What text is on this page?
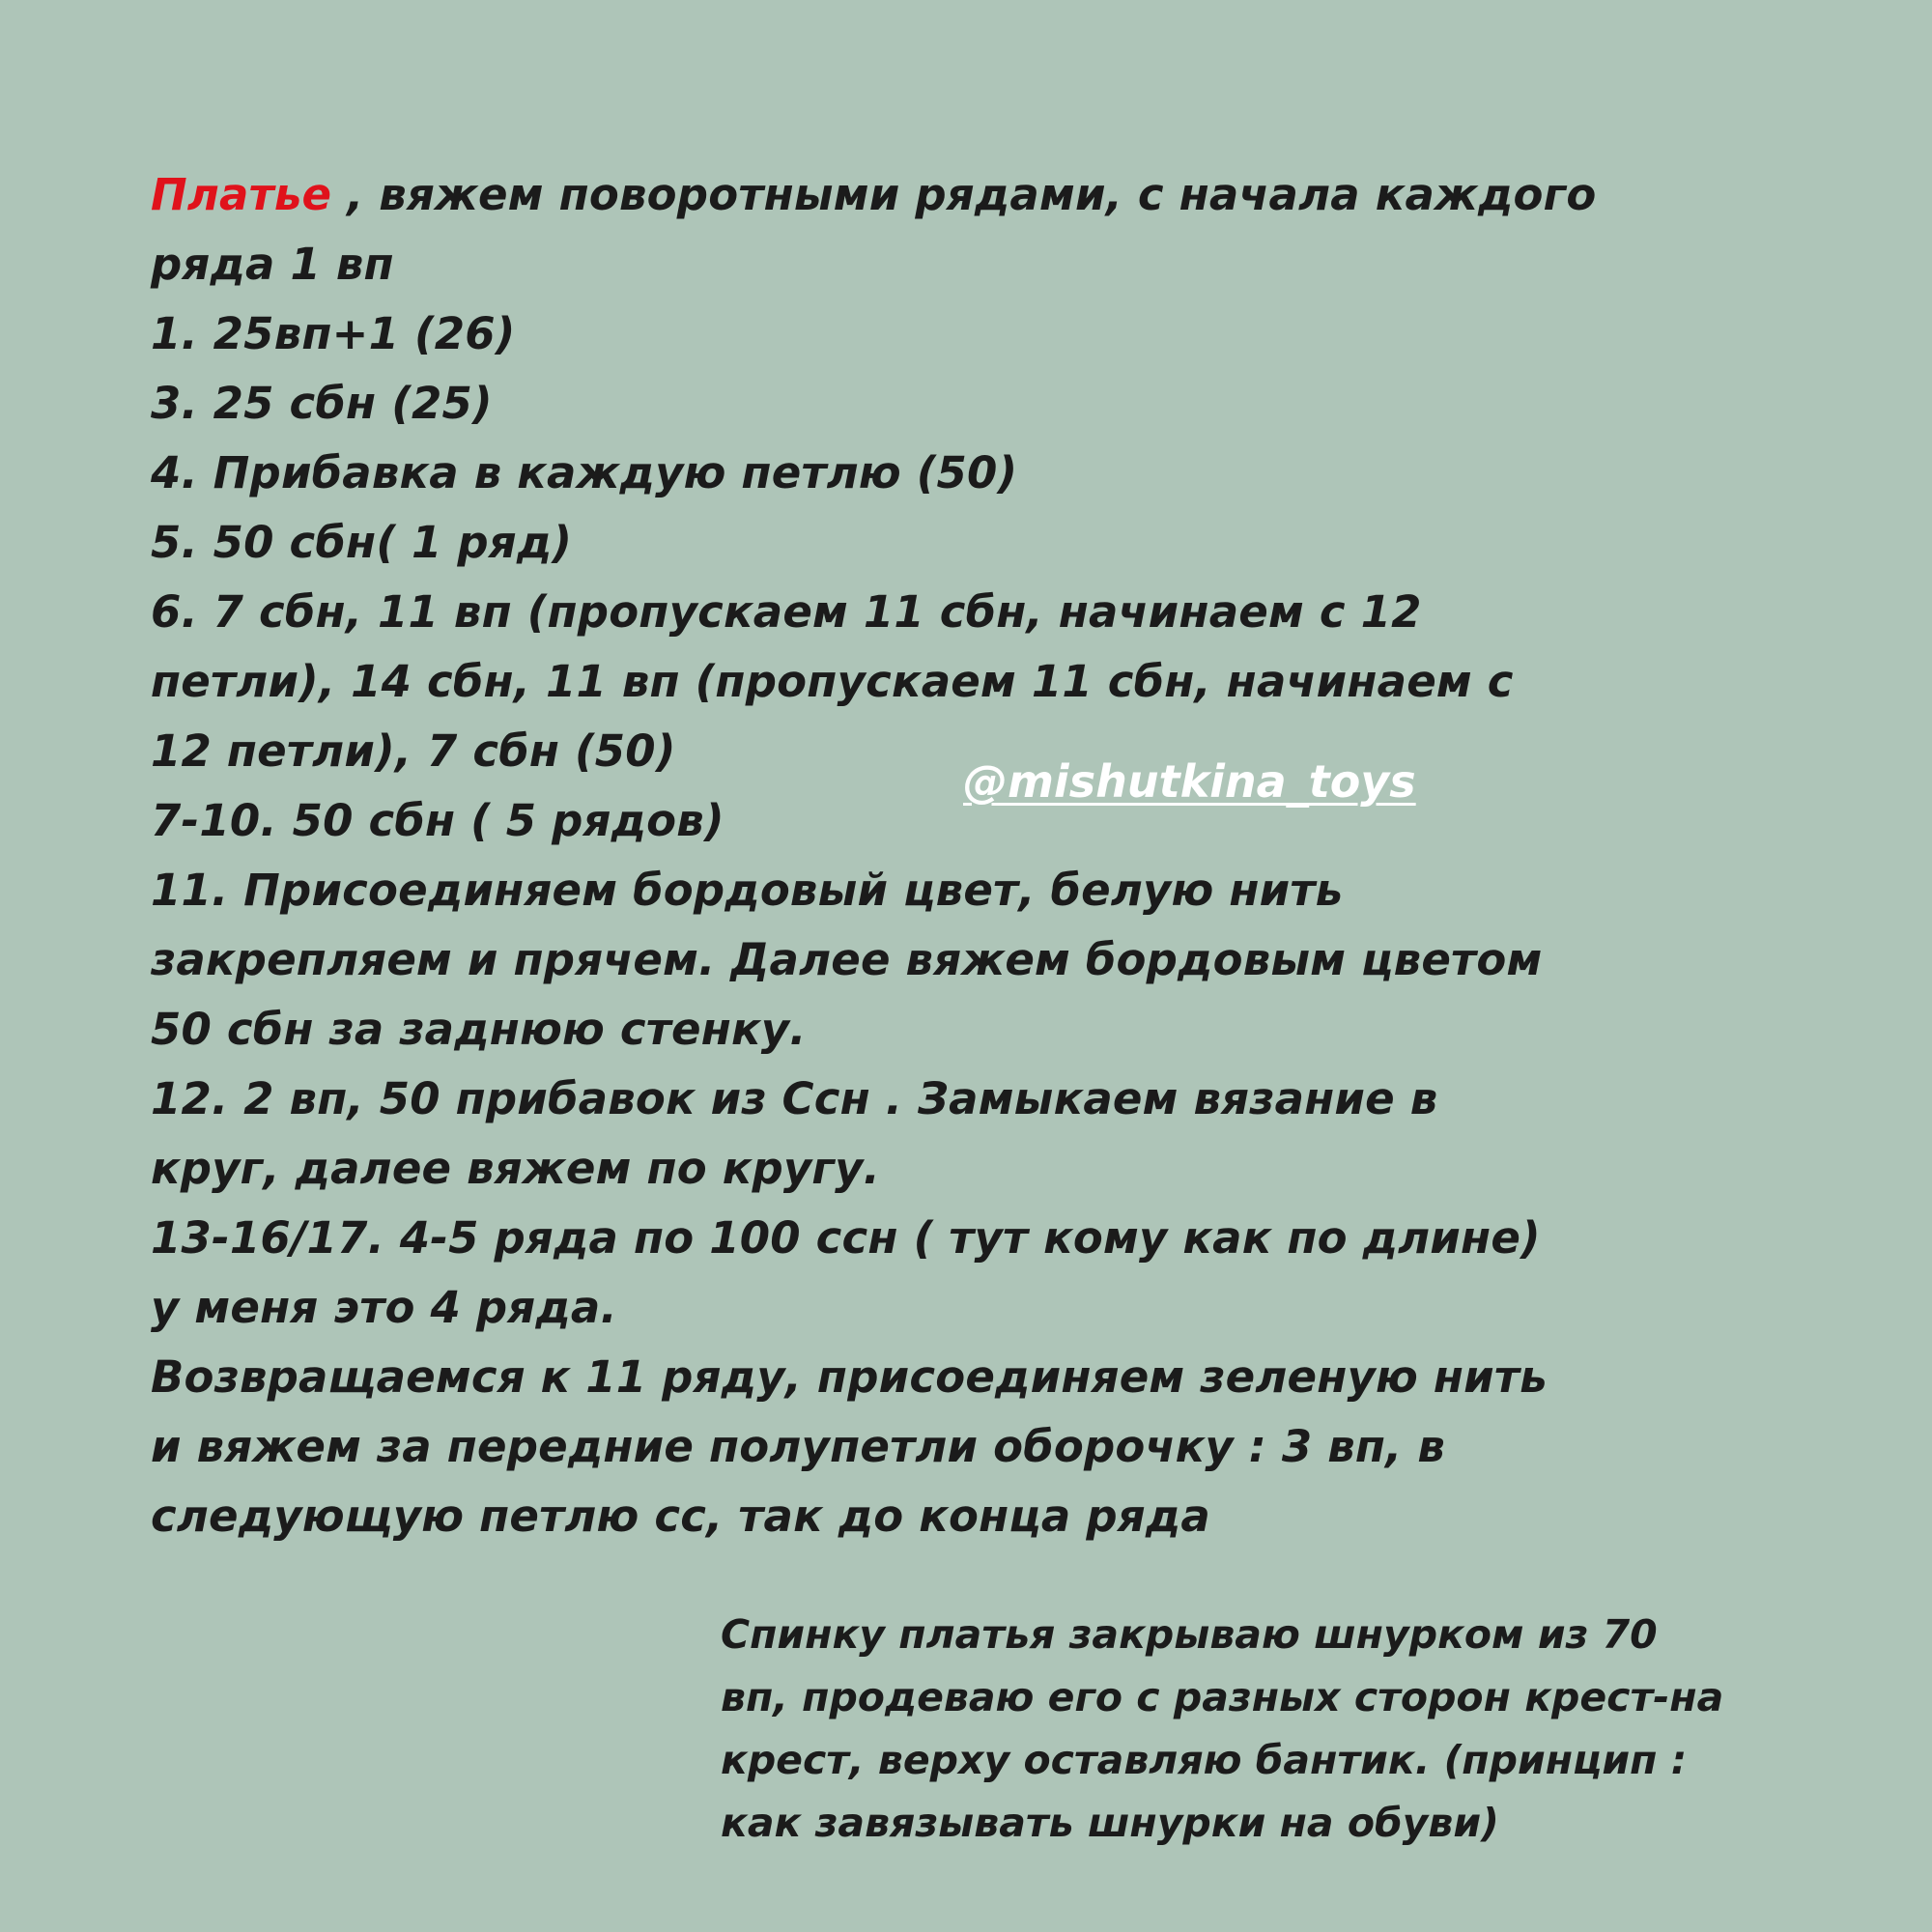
Платье , вяжем поворотными рядами, с начала каждого
ряда 1 вп
1. 25вп+1 (26)
3. 25 сбн (25)
4. Прибавка в каждую петлю (50)
5. 50 сбн( 1 ряд)
6. 7 сбн, 11 вп (пропускаем 11 сбн, начинаем с 12
петли), 14 сбн, 11 вп (пропускаем 11 сбн, начинаем с
12 петли), 7 сбн (50)
7-10. 50 сбн ( 5 рядов)
11. Присоединяем бордовый цвет, белую нить
закрепляем и прячем. Далее вяжем бордовым цветом
50 сбн за заднюю стенку.
12. 2 вп, 50 прибавок из Ссн . Замыкаем вязание в
круг, далее вяжем по кругу.
13-16/17. 4-5 ряда по 100 ссн ( тут кому как по длине)
у меня это 4 ряда.
Возвращаемся к 11 ряду, присоединяем зеленую нить
и вяжем за передние полупетли оборочку : 3 вп, в
следующую петлю сс, так до конца ряда
@mishutkina_toys
Спинку платья закрываю шнурком из 70
вп, продеваю его с разных сторон крест-на
крест, верху оставляю бантик. (принцип :
как завязывать шнурки на обуви)
